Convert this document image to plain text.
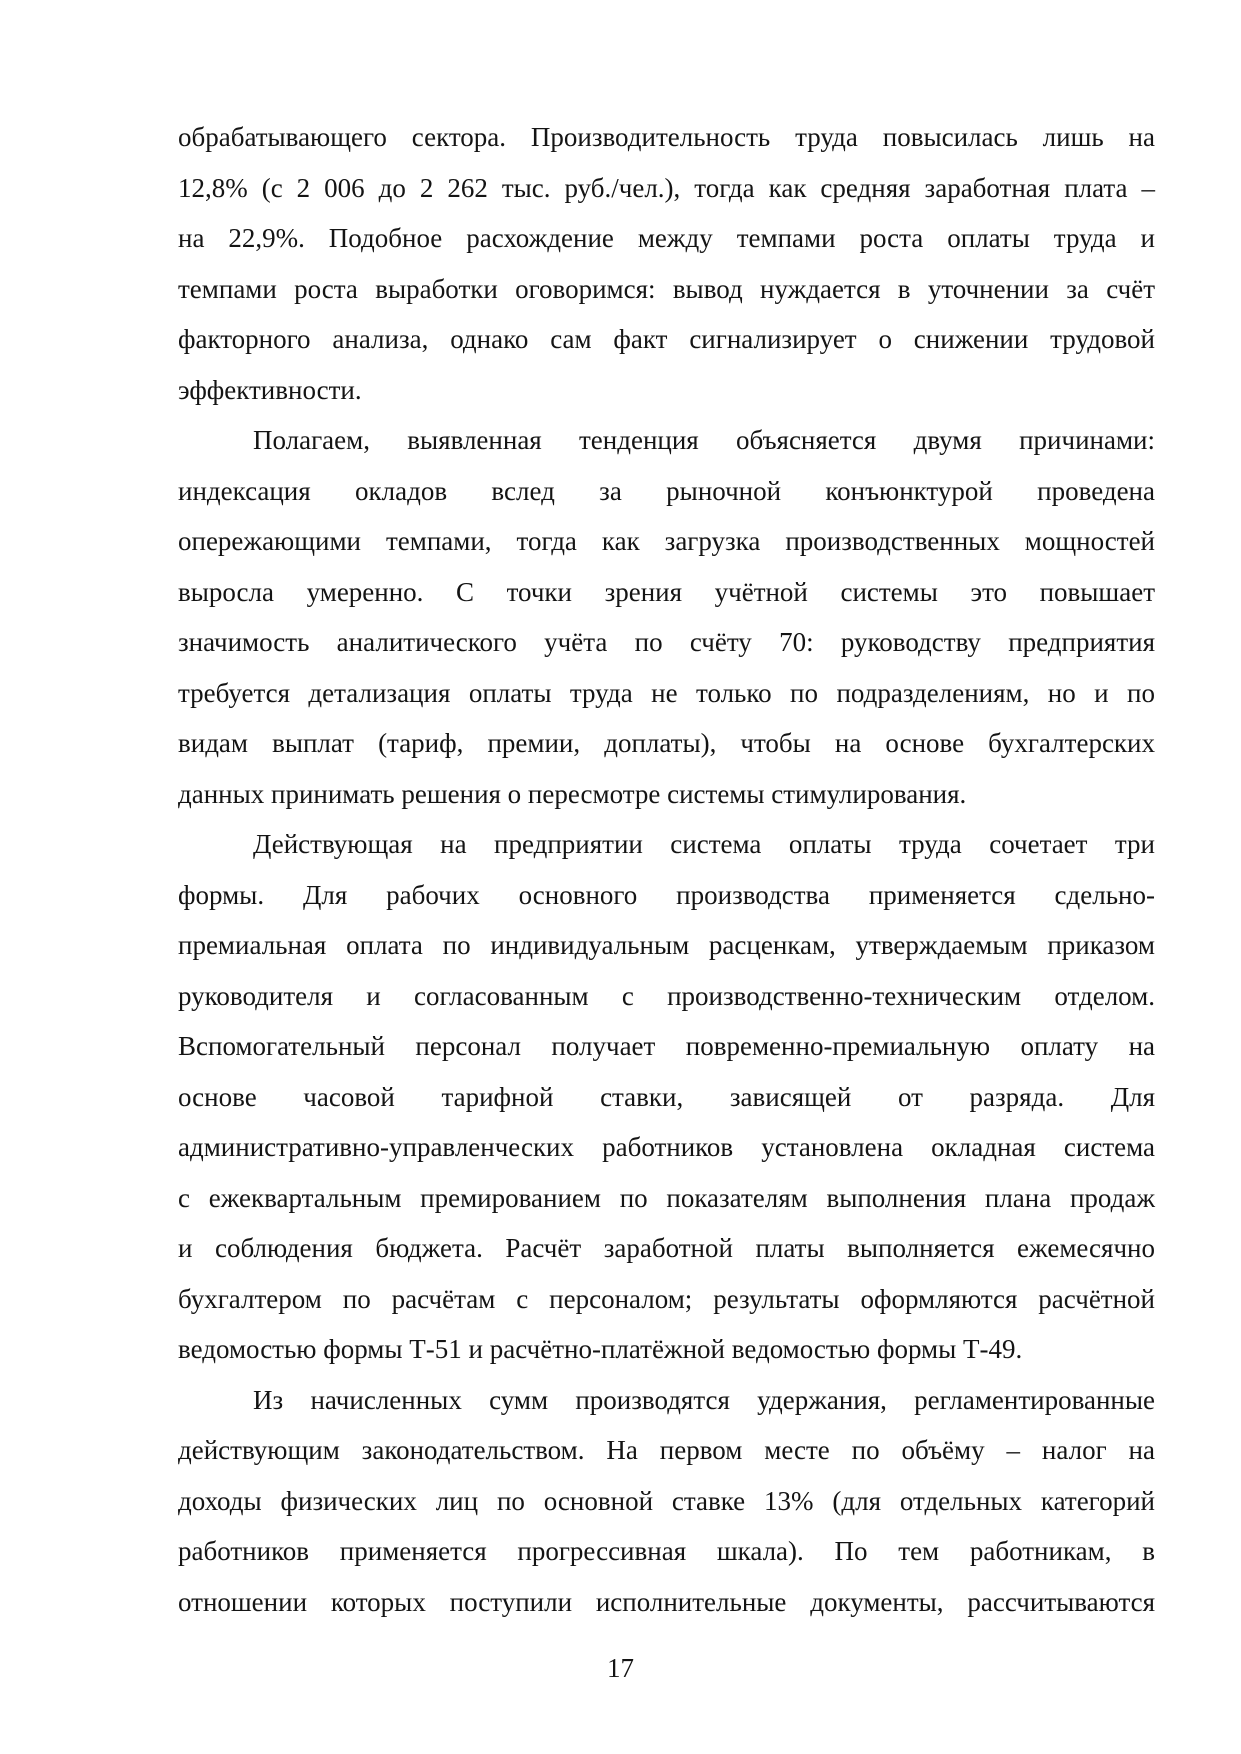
обрабатывающего сектора. Производительность труда повысилась лишь на
12,8% (с 2 006 до 2 262 тыс. руб./чел.), тогда как средняя заработная плата –
на 22,9%. Подобное расхождение между темпами роста оплаты труда и
темпами роста выработки оговоримся: вывод нуждается в уточнении за счёт
факторного анализа, однако сам факт сигнализирует о снижении трудовой
эффективности.
Полагаем, выявленная тенденция объясняется двумя причинами:
индексация окладов вслед за рыночной конъюнктурой проведена
опережающими темпами, тогда как загрузка производственных мощностей
выросла умеренно. С точки зрения учётной системы это повышает
значимость аналитического учёта по счёту 70: руководству предприятия
требуется детализация оплаты труда не только по подразделениям, но и по
видам выплат (тариф, премии, доплаты), чтобы на основе бухгалтерских
данных принимать решения о пересмотре системы стимулирования.
Действующая на предприятии система оплаты труда сочетает три
формы. Для рабочих основного производства применяется сдельно-
премиальная оплата по индивидуальным расценкам, утверждаемым приказом
руководителя и согласованным с производственно-техническим отделом.
Вспомогательный персонал получает повременно-премиальную оплату на
основе часовой тарифной ставки, зависящей от разряда. Для
административно-управленческих работников установлена окладная система
с ежеквартальным премированием по показателям выполнения плана продаж
и соблюдения бюджета. Расчёт заработной платы выполняется ежемесячно
бухгалтером по расчётам с персоналом; результаты оформляются расчётной
ведомостью формы Т-51 и расчётно-платёжной ведомостью формы Т-49.
Из начисленных сумм производятся удержания, регламентированные
действующим законодательством. На первом месте по объёму – налог на
доходы физических лиц по основной ставке 13% (для отдельных категорий
работников применяется прогрессивная шкала). По тем работникам, в
отношении которых поступили исполнительные документы, рассчитываются
17
